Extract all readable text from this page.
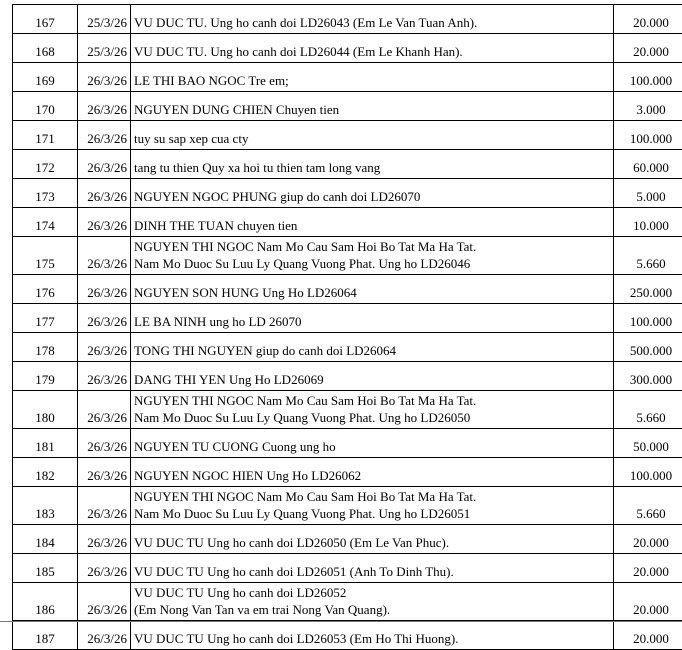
167	25/3/26	VU DUC TU. Ung ho canh doi LD26043 (Em Le Van Tuan Anh).	20.000
168	25/3/26	VU DUC TU. Ung ho canh doi LD26044 (Em Le Khanh Han).	20.000
169	26/3/26	LE THI BAO NGOC Tre em;	100.000
170	26/3/26	NGUYEN DUNG CHIEN Chuyen tien	3.000
171	26/3/26	tuy su sap xep cua cty	100.000
172	26/3/26	tang tu thien Quy xa hoi tu thien tam long vang	60.000
173	26/3/26	NGUYEN NGOC PHUNG giup do canh doi LD26070	5.000
174	26/3/26	DINH THE TUAN chuyen tien	10.000
175	26/3/26	NGUYEN THI NGOC Nam Mo Cau Sam Hoi Bo Tat Ma Ha Tat.
Nam Mo Duoc Su Luu Ly Quang Vuong Phat. Ung ho LD26046	5.660
176	26/3/26	NGUYEN SON HUNG Ung Ho LD26064	250.000
177	26/3/26	LE BA NINH ung ho LD 26070	100.000
178	26/3/26	TONG THI NGUYEN giup do canh doi LD26064	500.000
179	26/3/26	DANG THI YEN Ung Ho LD26069	300.000
180	26/3/26	NGUYEN THI NGOC Nam Mo Cau Sam Hoi Bo Tat Ma Ha Tat.
Nam Mo Duoc Su Luu Ly Quang Vuong Phat. Ung ho LD26050	5.660
181	26/3/26	NGUYEN TU CUONG Cuong ung ho	50.000
182	26/3/26	NGUYEN NGOC HIEN Ung Ho LD26062	100.000
183	26/3/26	NGUYEN THI NGOC Nam Mo Cau Sam Hoi Bo Tat Ma Ha Tat.
Nam Mo Duoc Su Luu Ly Quang Vuong Phat. Ung ho LD26051	5.660
184	26/3/26	VU DUC TU Ung ho canh doi LD26050 (Em Le Van Phuc).	20.000
185	26/3/26	VU DUC TU Ung ho canh doi LD26051 (Anh To Dinh Thu).	20.000
186	26/3/26	VU DUC TU Ung ho canh doi LD26052
(Em Nong Van Tan va em trai Nong Van Quang).	20.000
187	26/3/26	VU DUC TU Ung ho canh doi LD26053 (Em Ho Thi Huong).	20.000
